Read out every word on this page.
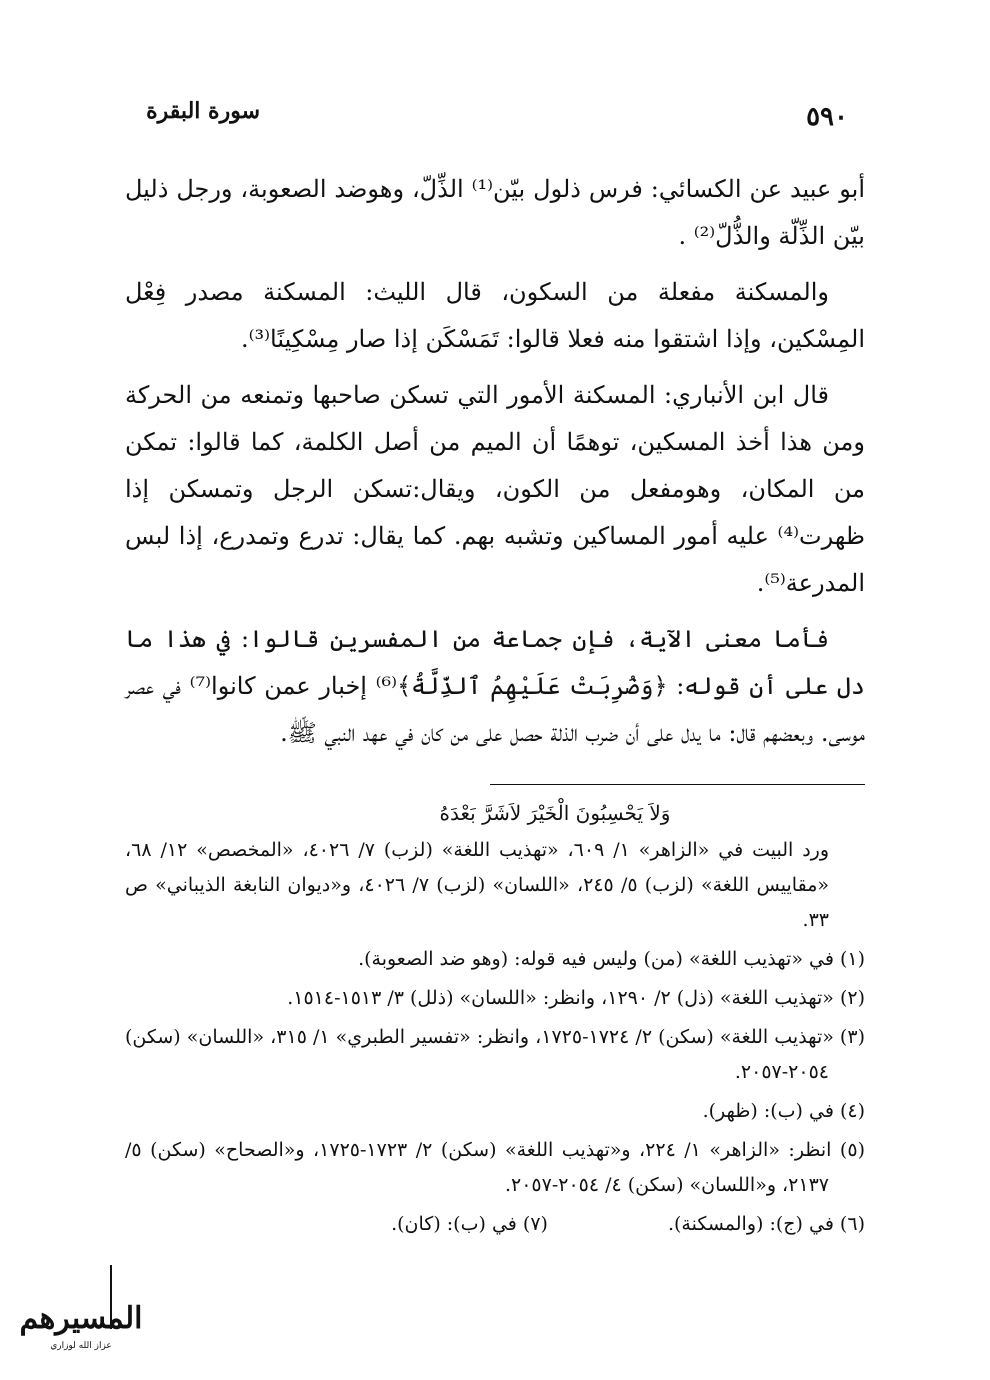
سورة البقرة	٥٩٠

أبو عبيد عن الكسائي: فرس ذلول بيّن⁽¹⁾ الذِّلّ، وهوضد الصعوبة، ورجل ذليل بيّن الذِّلّة والذُّلّ⁽²⁾ .

والمسكنة مفعلة من السكون، قال الليث: المسكنة مصدر فِعْل المِسْكين، وإذا اشتقوا منه فعلا قالوا: تَمَسْكَن إذا صار مِسْكِينًا⁽³⁾.

قال ابن الأنباري: المسكنة الأمور التي تسكن صاحبها وتمنعه من الحركة ومن هذا أخذ المسكين، توهمًا أن الميم من أصل الكلمة، كما قالوا: تمكن من المكان، وهومفعل من الكون، ويقال:تسكن الرجل وتمسكن إذا ظهرت⁽⁴⁾ عليه أمور المساكين وتشبه بهم. كما يقال: تدرع وتمدرع، إذا لبس المدرعة⁽⁵⁾.

فأما معنى الآية، فإن جماعة من المفسرين قالوا: في هذا ما دل على أن قوله: ﴿وَضُرِبَتْ عَلَيْهِمُ ٱلذِّلَّةُ﴾⁽⁶⁾ إخبار عمن كانوا⁽⁷⁾ في عصر موسى. وبعضهم قال: ما يدل على أن ضرب الذلة حصل على من كان في عهد النبي ﷺ.

وَلاَ يَحْسِبُونَ الْخَيْرَ لاَشَرَّ بَعْدَهُ
ورد البيت في «الزاهر» ١/ ٦٠٩، «تهذيب اللغة» (لزب) ٧/ ٤٠٢٦، «المخصص» ١٢/ ٦٨، «مقاييس اللغة» (لزب) ٥/ ٢٤٥، «اللسان» (لزب) ٧/ ٤٠٢٦، و«ديوان النابغة الذيباني» ص ٣٣.
(١) في «تهذيب اللغة» (من) وليس فيه قوله: (وهو ضد الصعوبة).
(٢) «تهذيب اللغة» (ذل) ٢/ ١٢٩٠، وانظر: «اللسان» (ذلل) ٣/ ١٥١٣-١٥١٤.
(٣) «تهذيب اللغة» (سكن) ٢/ ١٧٢٤-١٧٢٥، وانظر: «تفسير الطبري» ١/ ٣١٥، «اللسان» (سكن) ٢٠٥٤-٢٠٥٧.
(٤) في (ب): (ظهر).
(٥) انظر: «الزاهر» ١/ ٢٢٤، و«تهذيب اللغة» (سكن) ٢/ ١٧٢٣-١٧٢٥، و«الصحاح» (سكن) ٥/ ٢١٣٧، و«اللسان» (سكن) ٤/ ٢٠٥٤-٢٠٥٧.
(٦) في (ج): (والمسكنة).
(٧) في (ب): (كان).
المسيرهم
عزاز الله لوزاري
